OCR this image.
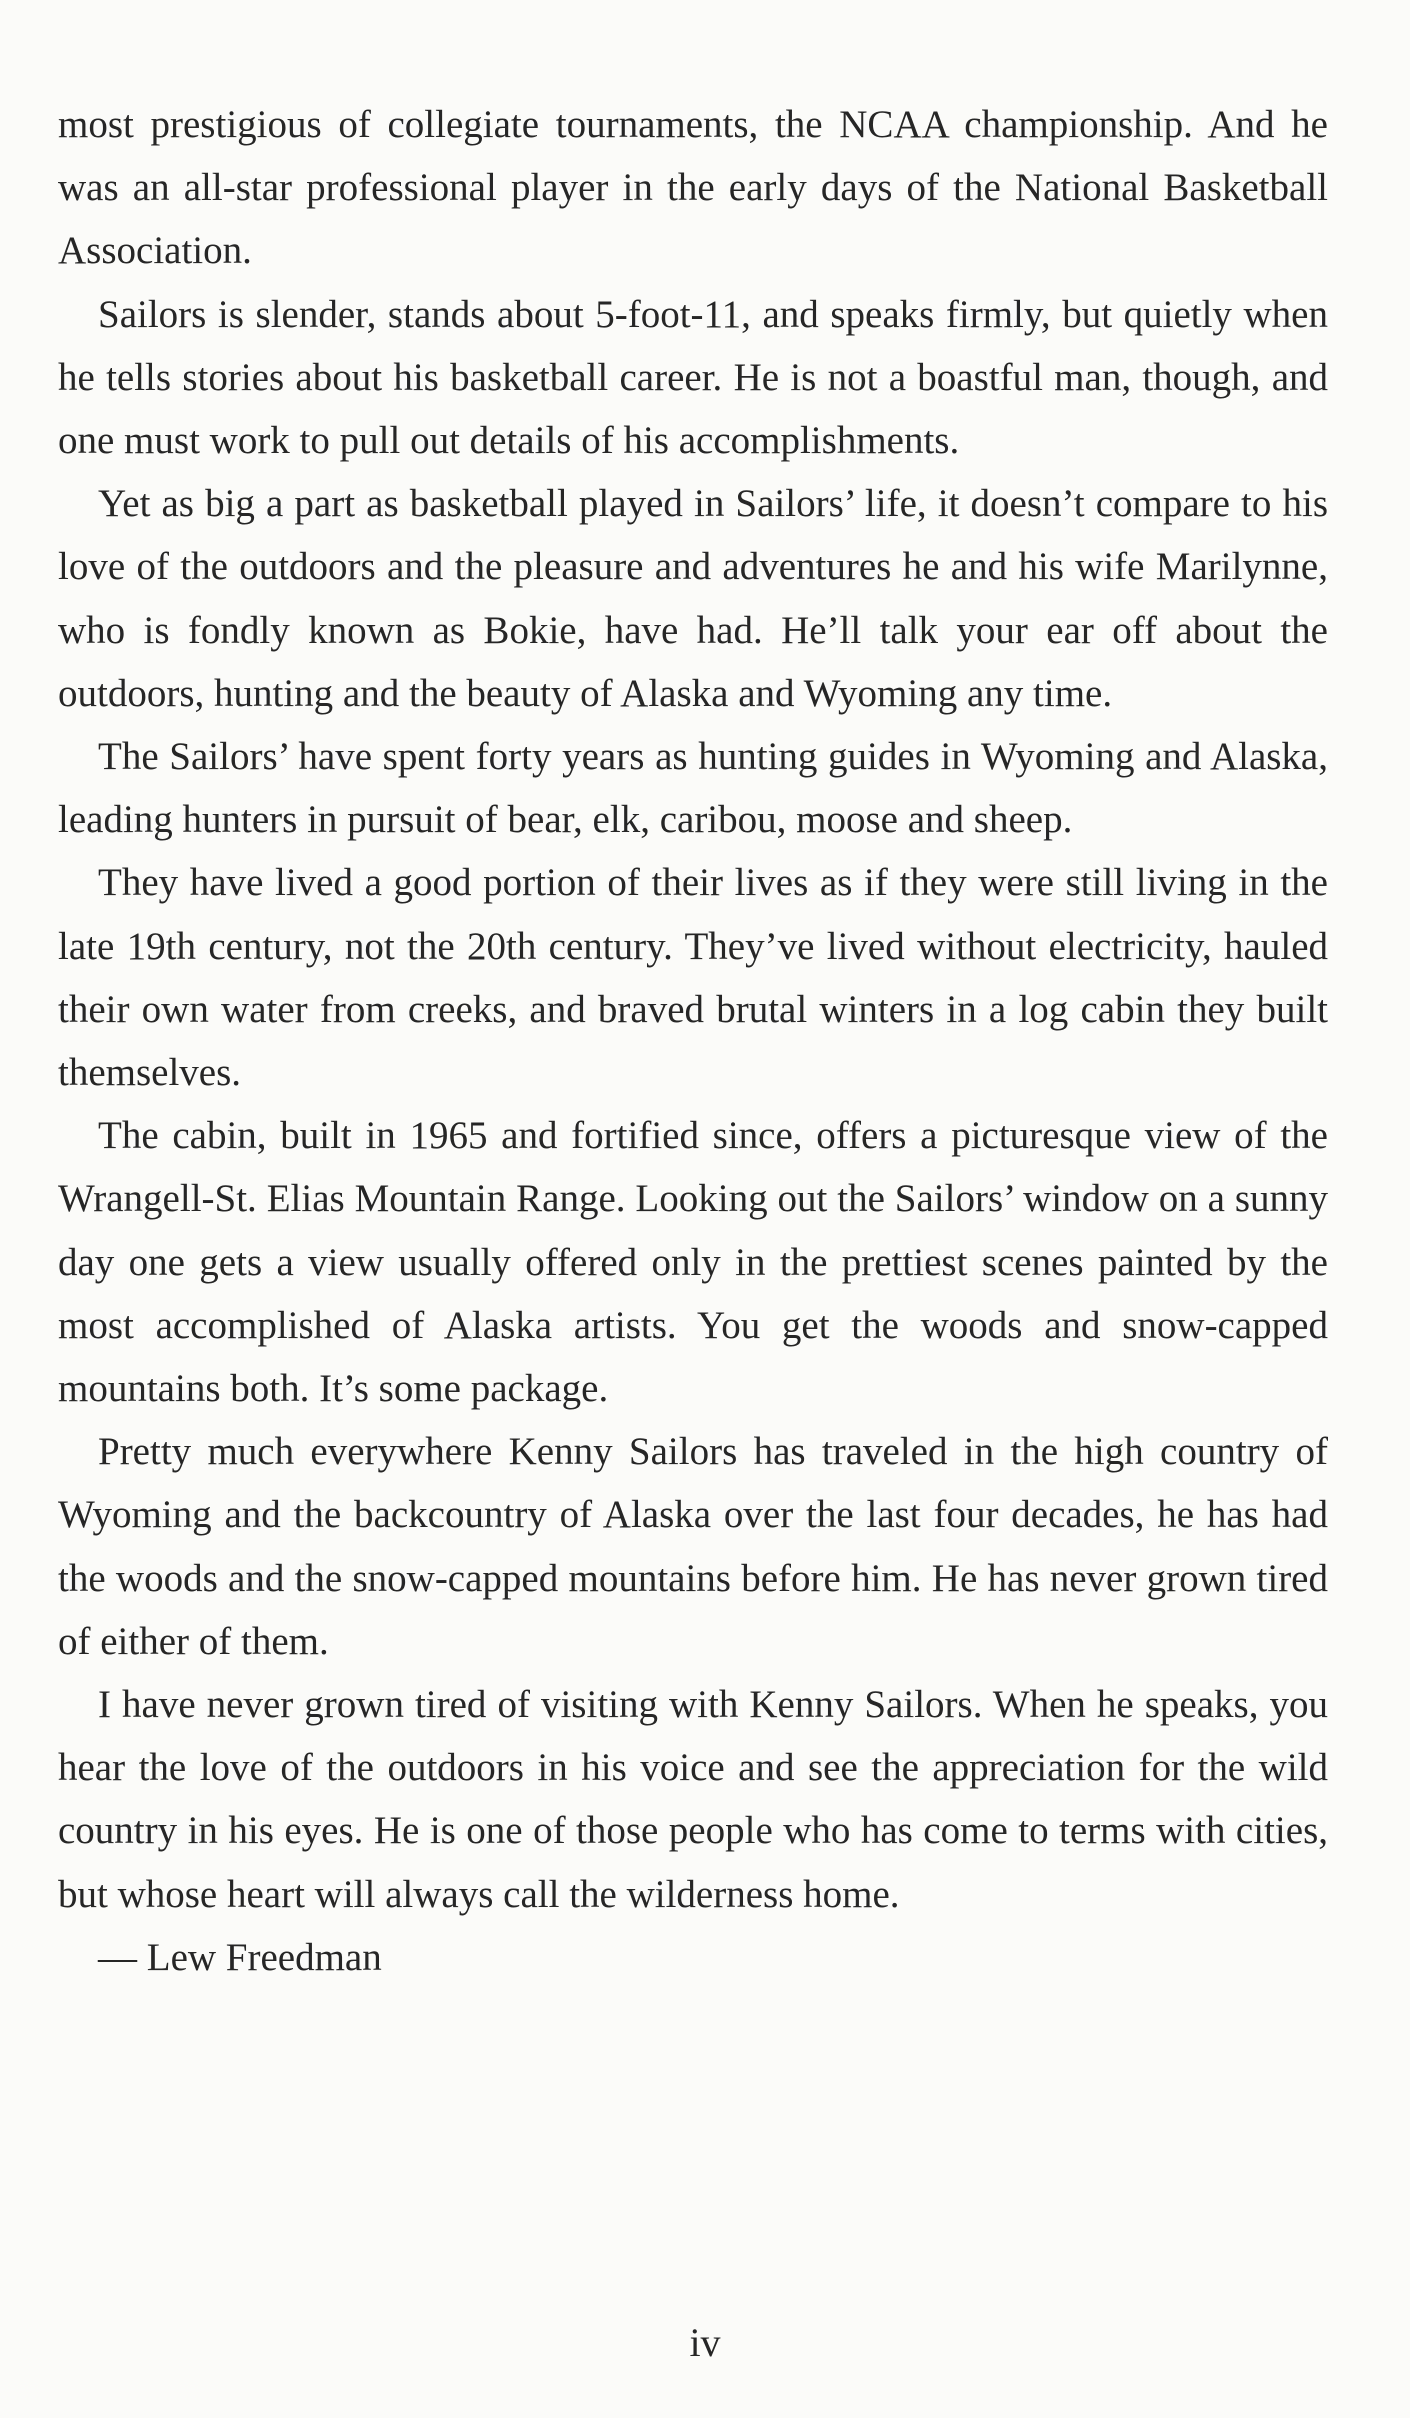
most prestigious of collegiate tournaments, the NCAA championship. And he was an all-star professional player in the early days of the National Basketball Association.

Sailors is slender, stands about 5-foot-11, and speaks firmly, but quietly when he tells stories about his basketball career. He is not a boastful man, though, and one must work to pull out details of his accomplishments.

Yet as big a part as basketball played in Sailors’ life, it doesn’t compare to his love of the outdoors and the pleasure and adventures he and his wife Marilynne, who is fondly known as Bokie, have had. He’ll talk your ear off about the outdoors, hunting and the beauty of Alaska and Wyoming any time.

The Sailors’ have spent forty years as hunting guides in Wyoming and Alaska, leading hunters in pursuit of bear, elk, caribou, moose and sheep.

They have lived a good portion of their lives as if they were still living in the late 19th century, not the 20th century. They’ve lived without electricity, hauled their own water from creeks, and braved brutal winters in a log cabin they built themselves.

The cabin, built in 1965 and fortified since, offers a picturesque view of the Wrangell-St. Elias Mountain Range. Looking out the Sailors’ window on a sunny day one gets a view usually offered only in the prettiest scenes painted by the most accomplished of Alaska artists. You get the woods and snow-capped mountains both. It’s some package.

Pretty much everywhere Kenny Sailors has traveled in the high country of Wyoming and the backcountry of Alaska over the last four decades, he has had the woods and the snow-capped mountains before him. He has never grown tired of either of them.

I have never grown tired of visiting with Kenny Sailors. When he speaks, you hear the love of the outdoors in his voice and see the appreciation for the wild country in his eyes. He is one of those people who has come to terms with cities, but whose heart will always call the wilderness home.

— Lew Freedman

iv
